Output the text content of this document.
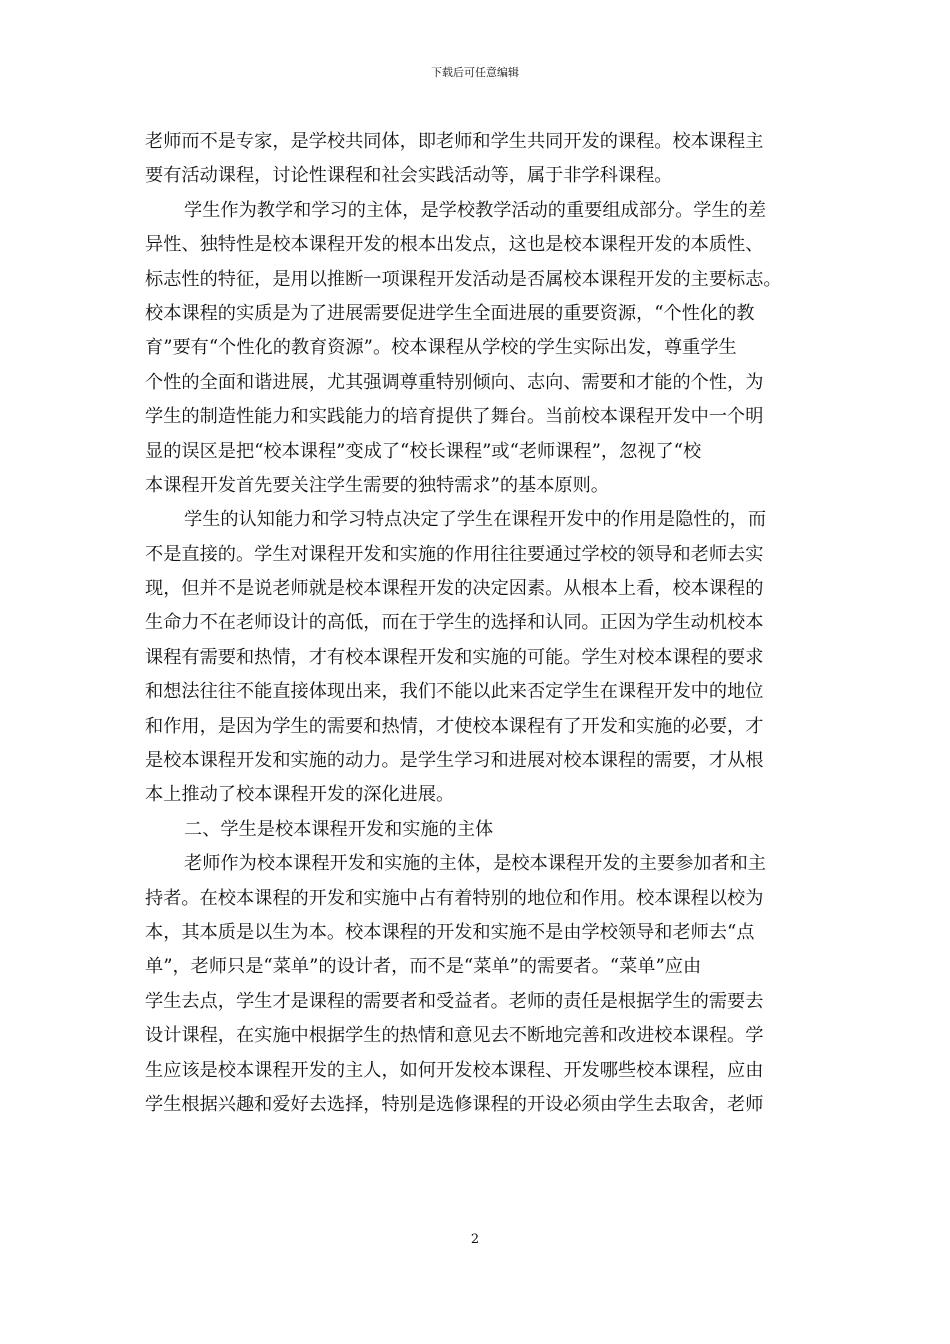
下载后可任意编辑
老师而不是专家，是学校共同体，即老师和学生共同开发的课程。校本课程主
要有活动课程，讨论性课程和社会实践活动等，属于非学科课程。
学生作为教学和学习的主体，是学校教学活动的重要组成部分。学生的差
异性、独特性是校本课程开发的根本出发点，这也是校本课程开发的本质性、
标志性的特征，是用以推断一项课程开发活动是否属校本课程开发的主要标志。
校本课程的实质是为了进展需要促进学生全面进展的重要资源，“个性化的教
育”要有“个性化的教育资源”。校本课程从学校的学生实际出发，尊重学生
个性的全面和谐进展，尤其强调尊重特别倾向、志向、需要和才能的个性，为
学生的制造性能力和实践能力的培育提供了舞台。当前校本课程开发中一个明
显的误区是把“校本课程”变成了“校长课程”或“老师课程”，忽视了“校
本课程开发首先要关注学生需要的独特需求”的基本原则。
学生的认知能力和学习特点决定了学生在课程开发中的作用是隐性的，而
不是直接的。学生对课程开发和实施的作用往往要通过学校的领导和老师去实
现，但并不是说老师就是校本课程开发的决定因素。从根本上看，校本课程的
生命力不在老师设计的高低，而在于学生的选择和认同。正因为学生动机校本
课程有需要和热情，才有校本课程开发和实施的可能。学生对校本课程的要求
和想法往往不能直接体现出来，我们不能以此来否定学生在课程开发中的地位
和作用，是因为学生的需要和热情，才使校本课程有了开发和实施的必要，才
是校本课程开发和实施的动力。是学生学习和进展对校本课程的需要，才从根
本上推动了校本课程开发的深化进展。
二、学生是校本课程开发和实施的主体
老师作为校本课程开发和实施的主体，是校本课程开发的主要参加者和主
持者。在校本课程的开发和实施中占有着特别的地位和作用。校本课程以校为
本，其本质是以生为本。校本课程的开发和实施不是由学校领导和老师去“点
单”，老师只是“菜单”的设计者，而不是“菜单”的需要者。“菜单”应由
学生去点，学生才是课程的需要者和受益者。老师的责任是根据学生的需要去
设计课程，在实施中根据学生的热情和意见去不断地完善和改进校本课程。学
生应该是校本课程开发的主人，如何开发校本课程、开发哪些校本课程，应由
学生根据兴趣和爱好去选择，特别是选修课程的开设必须由学生去取舍，老师
2
